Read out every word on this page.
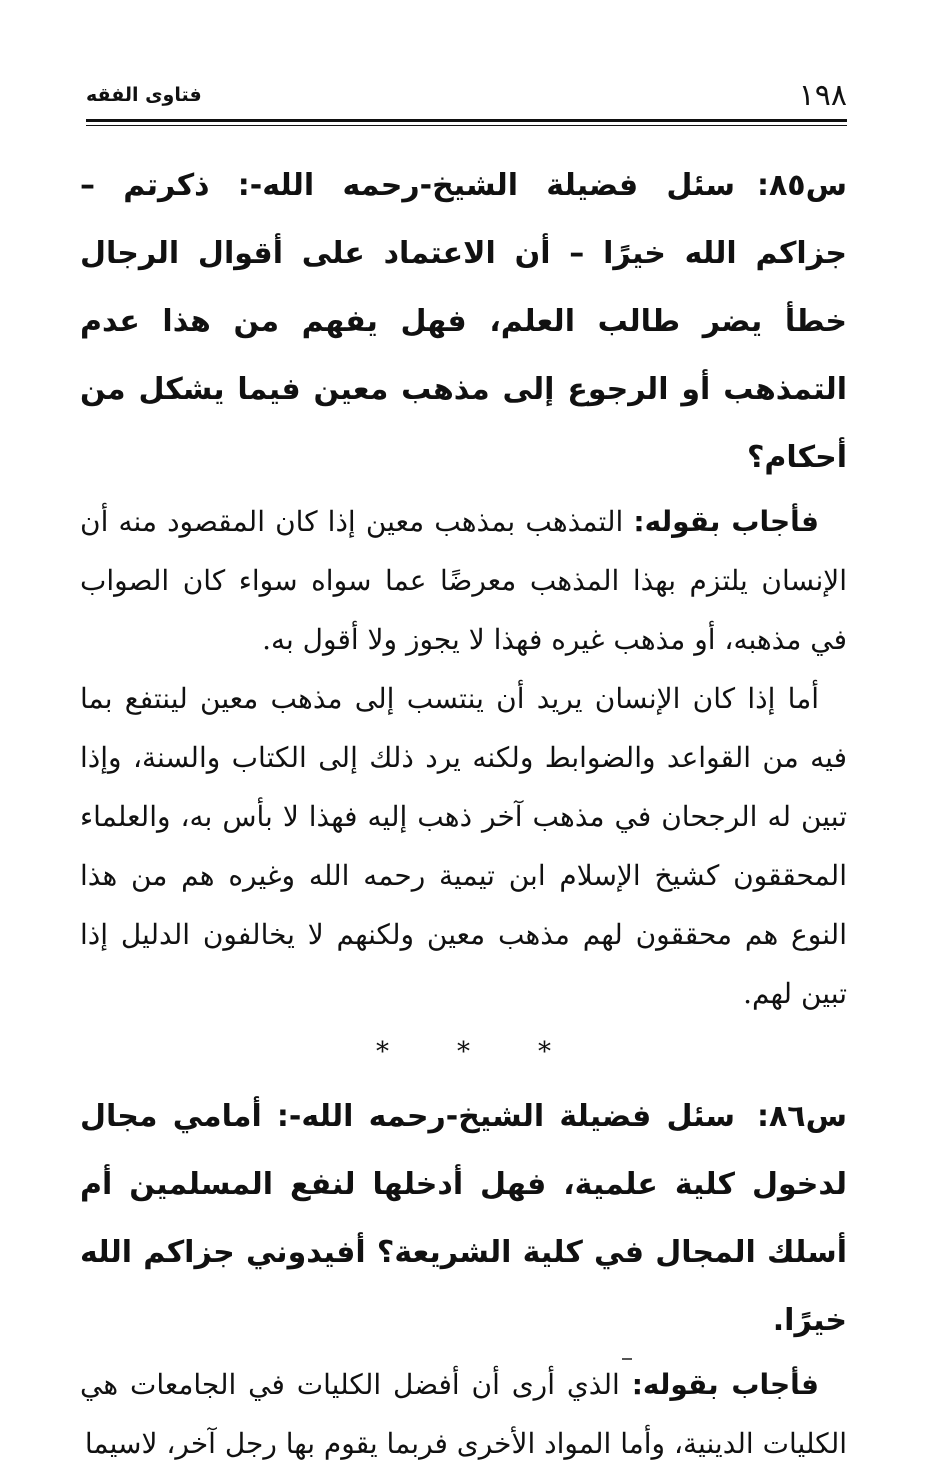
فتاوى الفقه	١٩٨

س٨٥:سئل فضيلة الشيخ-رحمه الله-: ذكرتم – جزاكم الله خيرًا – أن الاعتماد على أقوال الرجال خطأ يضر طالب العلم، فهل يفهم من هذا عدم التمذهب أو الرجوع إلى مذهب معين فيما يشكل من أحكام؟

فأجاب بقوله: التمذهب بمذهب معين إذا كان المقصود منه أن الإنسان يلتزم بهذا المذهب معرضًا عما سواه سواء كان الصواب في مذهبه، أو مذهب غيره فهذا لا يجوز ولا أقول به.

أما إذا كان الإنسان يريد أن ينتسب إلى مذهب معين لينتفع بما فيه من القواعد والضوابط ولكنه يرد ذلك إلى الكتاب والسنة، وإذا تبين له الرجحان في مذهب آخر ذهب إليه فهذا لا بأس به، والعلماء المحققون كشيخ الإسلام ابن تيمية رحمه الله وغيره هم من هذا النوع هم محققون لهم مذهب معين ولكنهم لا يخالفون الدليل إذا تبين لهم.

*	*	*

س٨٦:سئل فضيلة الشيخ-رحمه الله-: أمامي مجال لدخول كلية علمية، فهل أدخلها لنفع المسلمين أم أسلك المجال في كلية الشريعة؟ أفيدوني جزاكم الله خيرًا.

فأجاب بقوله: الذي أرى أن أفضل الكليات في الجامعات هي الكليات الدينية، وأما المواد الأخرى فربما يقوم بها رجل آخر، لاسيما
